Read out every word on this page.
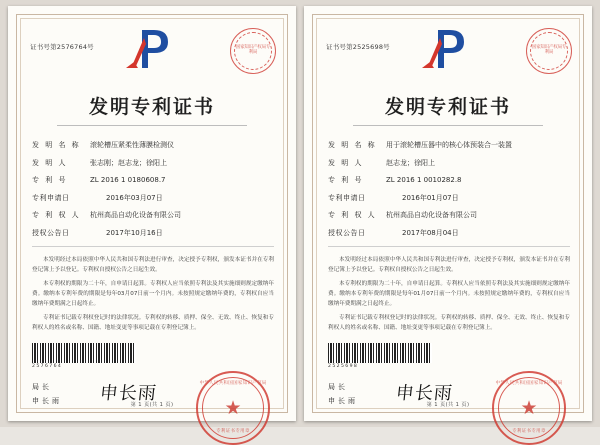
证书号第2576764号	国家知识产权局专利局
发明专利证书
发 明 名 称	滚轮槽压紧柔性薄膜检测仪
发 明 人	张志刚；赵志龙；徐阳上
专 利 号	ZL 2016 1 0180608.7
专利申请日	2016年03月07日
专 利 权 人	杭州高品自动化设备有限公司
授权公告日	2017年10月16日

本发明经过本局依照中华人民共和国专利法进行审查，决定授予专利权，颁发本证书并在专利登记簿上予以登记。专利权自授权公告之日起生效。

本专利权的期限为二十年，自申请日起算。专利权人应当依照专利法及其实施细则规定缴纳年费。缴纳本专利年费的期限是每年03月07日前一个月内。未按照规定缴纳年费的，专利权自应当缴纳年费期满之日起终止。

专利证书记载专利权登记时的法律状况。专利权的转移、质押、保全、无效、终止、恢复和专利权人的姓名或名称、国籍、地址变更等事项记载在专利登记簿上。

2576764
局长
申长雨 申长雨	中华人民共和国国家知识产权局
★
专利证书专用章
第 1 页(共 1 页)
证书号第2525698号	国家知识产权局专利局
发明专利证书
发 明 名 称	用于滚轮槽压器中的核心体预装合一装置
发 明 人	赵志龙；徐阳上
专 利 号	ZL 2016 1 0010282.8
专利申请日	2016年01月07日
专 利 权 人	杭州高品自动化设备有限公司
授权公告日	2017年08月04日

本发明经过本局依照中华人民共和国专利法进行审查，决定授予专利权，颁发本证书并在专利登记簿上予以登记。专利权自授权公告之日起生效。

本专利权的期限为二十年，自申请日起算。专利权人应当依照专利法及其实施细则规定缴纳年费。缴纳本专利年费的期限是每年01月07日前一个月内。未按照规定缴纳年费的，专利权自应当缴纳年费期满之日起终止。

专利证书记载专利权登记时的法律状况。专利权的转移、质押、保全、无效、终止、恢复和专利权人的姓名或名称、国籍、地址变更等事项记载在专利登记簿上。

2525698
局长
申长雨 申长雨	中华人民共和国国家知识产权局
★
专利证书专用章
第 1 页(共 1 页)
